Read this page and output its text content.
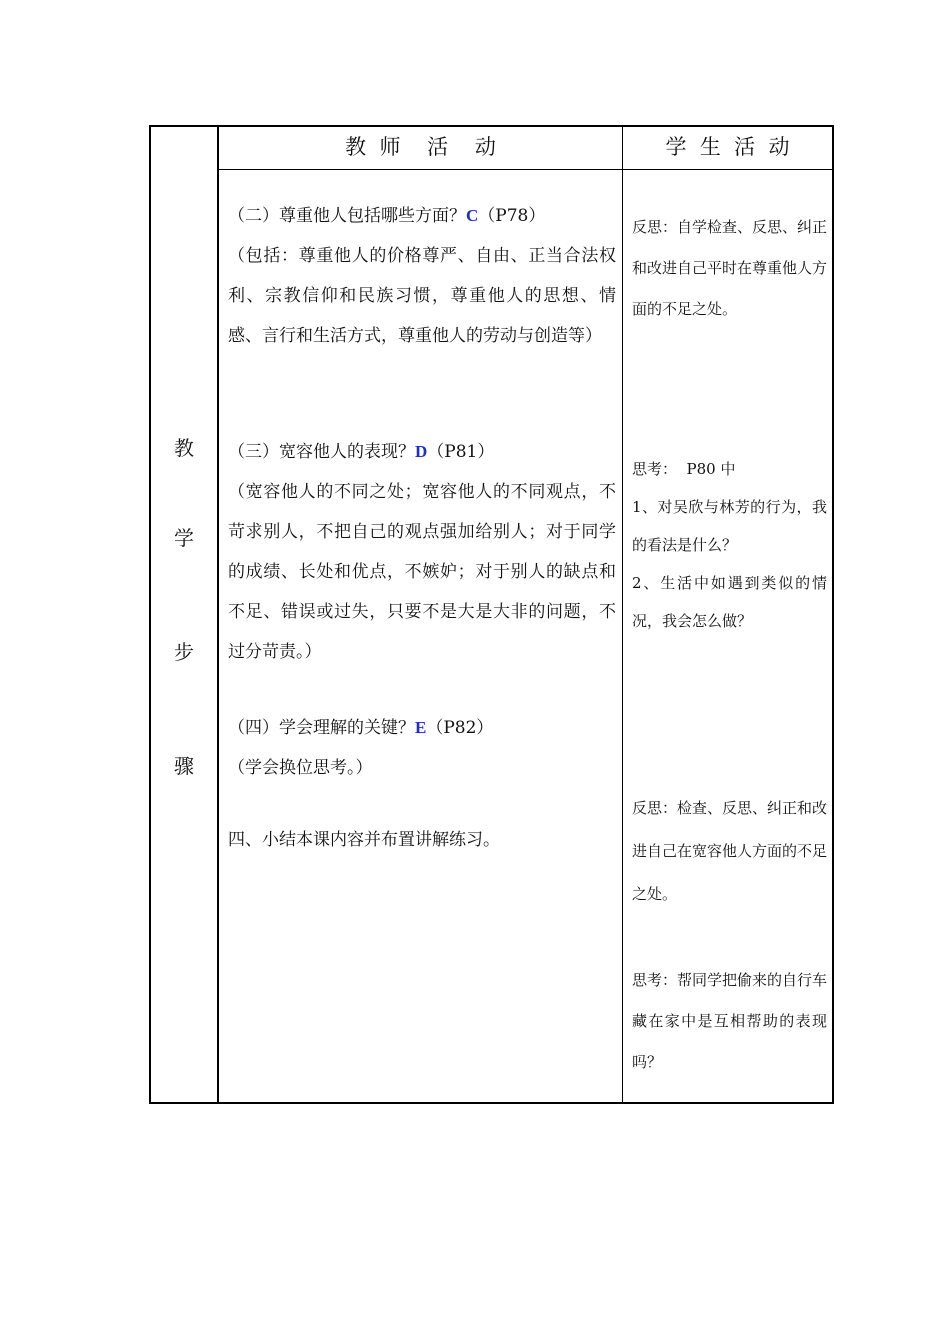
教
学
步
骤
教  师    活    动	学  生  活  动
（二）尊重他人包括哪些方面？C（P78）
（包括：尊重他人的价格尊严、自由、正当合法权利、宗教信仰和民族习惯，尊重他人的思想、情感、言行和生活方式，尊重他人的劳动与创造等）
（三）宽容他人的表现？D（P81）
（宽容他人的不同之处；宽容他人的不同观点，不苛求别人，不把自己的观点强加给别人；对于同学的成绩、长处和优点，不嫉妒；对于别人的缺点和不足、错误或过失，只要不是大是大非的问题，不过分苛责。）
（四）学会理解的关键？E（P82）
（学会换位思考。）
四、小结本课内容并布置讲解练习。
反思：自学检查、反思、纠正和改进自己平时在尊重他人方面的不足之处。
思考：  P80 中
1、对吴欣与林芳的行为，我的看法是什么？
2、生活中如遇到类似的情况，我会怎么做？
反思：检查、反思、纠正和改进自己在宽容他人方面的不足之处。
思考：帮同学把偷来的自行车藏在家中是互相帮助的表现吗？
